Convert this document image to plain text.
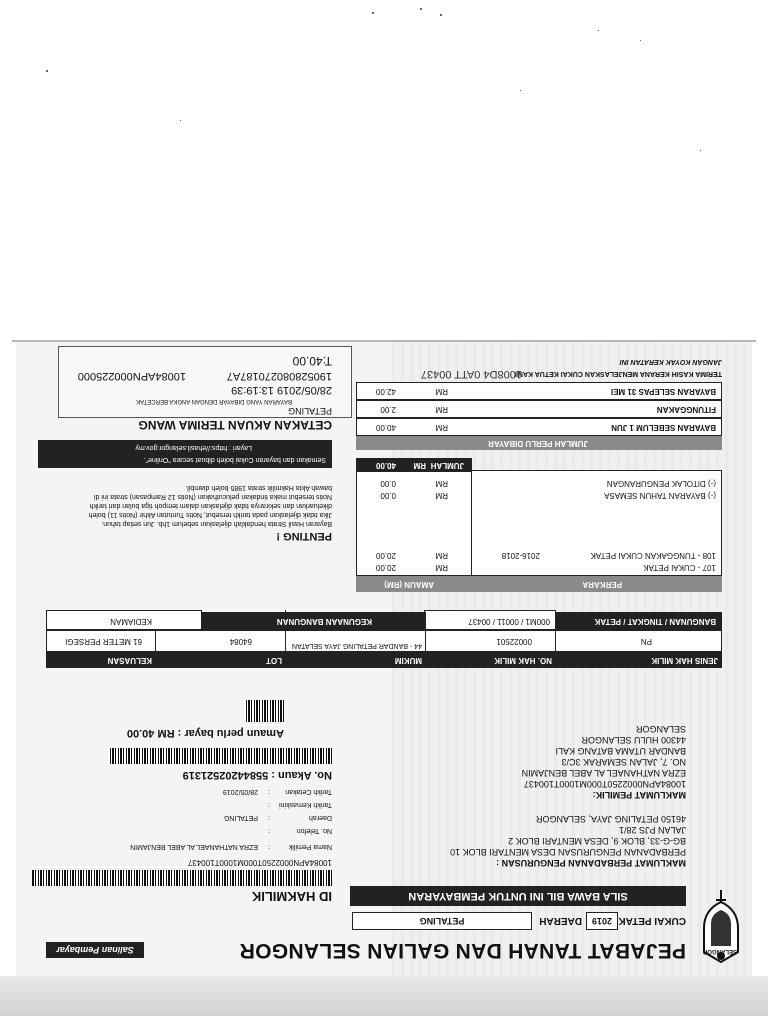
SELANGOR
PEJABAT TANAH DAN GALIAN SELANGOR
Salinan Pembayar
CUKAI PETAK
2019
DAERAH
PETALING
SILA BAWA BIL INI UNTUK PEMBAYARAN
ID HAKMILIK
10084APN0002250T000M1000T100437	MAKLUMAT PERBADANAN PENGURUSAN :
PERBADANAN PENGURUSAN DESA MENTARI BLOK 10
BG-G-33, BLOK 9, DESA MENTARI BLOK 2
JALAN PJS 28/1
46150 PETALING JAYA, SELANGOR
Nama Pemilik
:
EZRA NATHANAEL AL ABEL BENJAMIN
No. Telefon
:
Daerah
:
PETALING
Tarikh Kemaskini
:
Tarikh Cetakan
:
28/05/2019
No. Akaun : 5584420252131​9
MAKLUMAT PEMILIK:
10084APN0002250T000M1000T100437
EZRA NATHANAEL AL ABEL BENJAMIN
NO. 7, JALAN SEMARAK 3C/3
BANDAR UTAMA BATANG KALI
44300 HULU SELANGOR
SELANGOR
Amaun perlu bayar : RM 40.00
JENIS HAK MILIK
NO. HAK MILIK
MUKIM
LOT
KELUASAN
PN
00022501
44 - BANDAR PETALING JAYA SELATAN
64084
61 METER PERSEGI
BANGUNAN / TINGKAT / PETAK
000M1 / 00011 / 00437
KEGUNAAN BANGUNAN
KEDIAMAN
PERKARA
AMAUN (RM)
107 - CUKAI PETAK
RM
20.00
108 - TUNGGAKAN CUKAI PETAK
2016-2018
RM
20.00
(-) BAYARAN TAHUN SEMASA
RM
0.00
(-) DITOLAK PENGURANGAN
RM
0.00
JUMLAH
RM
40.00
JUMLAH PERLU DIBAYAR
BAYARAN SEBELUM 1 JUN
RM
40.00
FITUNGGAKAN
RM
2.00
BAYARAN SELEPAS 31 MEI
RM
42.00
TERIMA KASIH KERANA MENJELASKAN CUKAI KETUA KAMI
1008D4 0ATT 00437
JANGAN KOYAK KERATAN INI
PENTING !
Bayaran Hasil Strata hendaklah dijelaskan sebelum 1hb. Jun setiap tahun.
Jika tidak dijelaskan pada tarikh tersebut, Notis Tuntutan Akhir (Notis 11) boleh
dikeluarkan dan sekiranya tidak dijelaskan dalam tempoh tiga bulan dari tarikh
Notis tersebut maka tindakan pelucuthakan (Notis 12 Rampasan) strata ini di
bawah Akta Hakmilik strata 1985 boleh diambil.
Semakan dan bayaran Cukai boleh dibuat secara "Online".
Layari : https://ehasil.selangor.gov.my
CETAKAN AKUAN TERIMA WANG
PETALING
BAYARAN YANG DIBAYAR DENGAN ANGKA BERCETAK
28/05/2019 13:19:39
190528080270187A7
10084APN000225000
T:40.00
